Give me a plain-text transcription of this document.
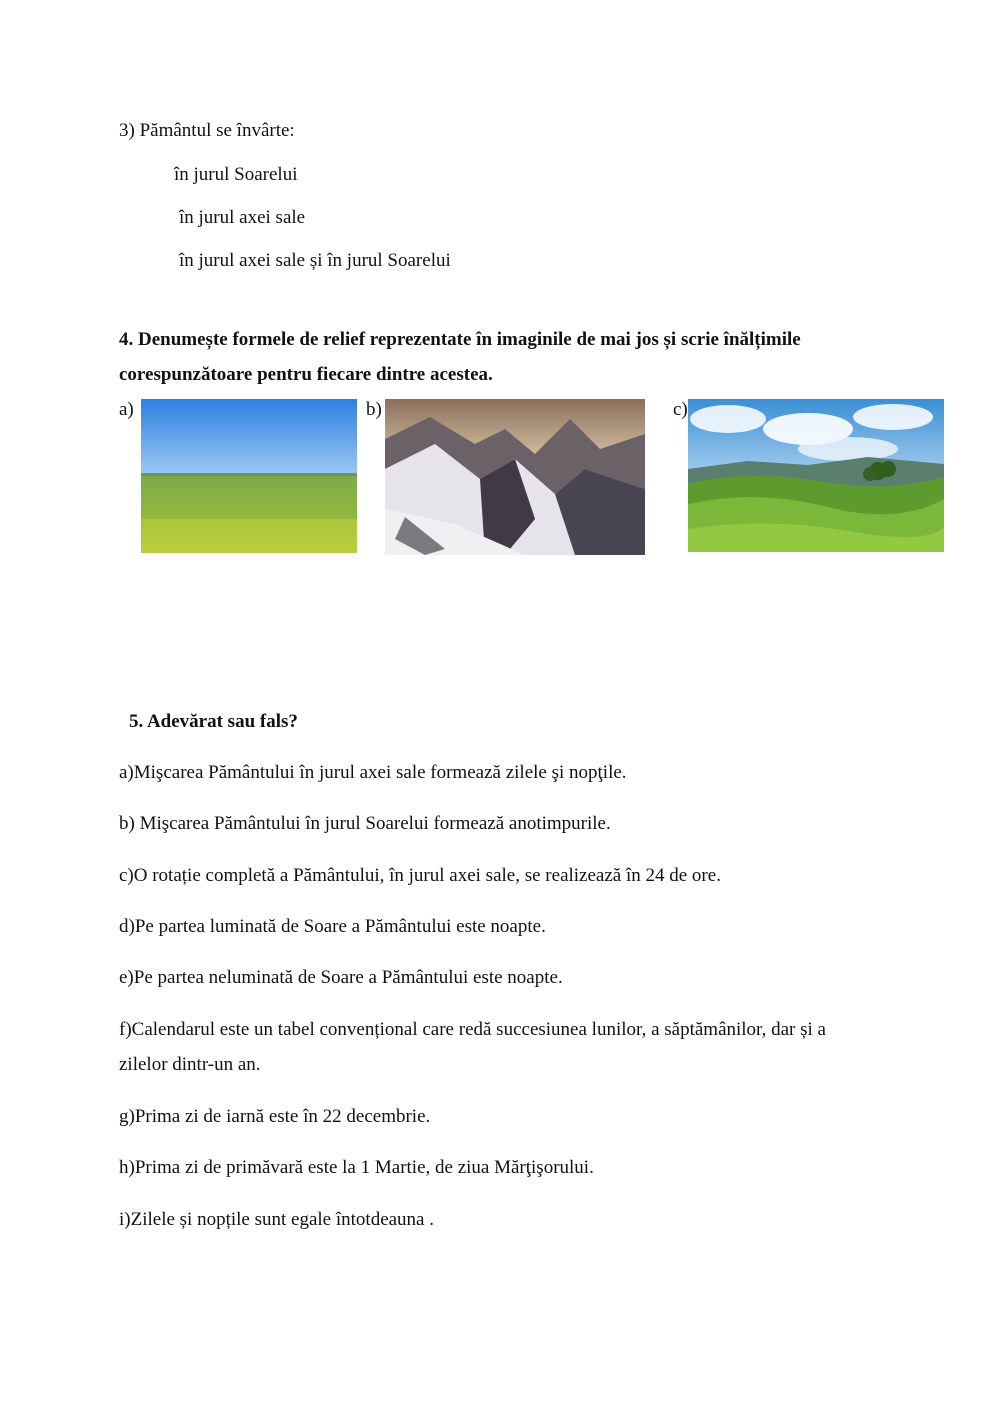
3) Pământul se învârte:
în jurul Soarelui
în jurul axei sale
în jurul axei sale și în jurul Soarelui
4. Denumește formele de relief reprezentate în imaginile de mai jos și scrie înălțimile
corespunzătoare pentru fiecare dintre acestea.
a)	b)	c)
5. Adevărat sau fals?
a)Mişcarea Pământului în jurul axei sale formează zilele şi nopţile.
b) Mişcarea Pământului în jurul Soarelui formează anotimpurile.
c)O rotație completă a Pământului, în jurul axei sale, se realizează în 24 de ore.
d)Pe partea luminată de Soare a Pământului este noapte.
e)Pe partea neluminată de Soare a Pământului este noapte.
f)Calendarul este un tabel convențional care redă succesiunea lunilor, a săptămânilor, dar și a
zilelor dintr-un an.
g)Prima zi de iarnă este în 22 decembrie.
h)Prima zi de primăvară este la 1 Martie, de ziua Mărţişorului.
i)Zilele și nopțile sunt egale întotdeauna .
